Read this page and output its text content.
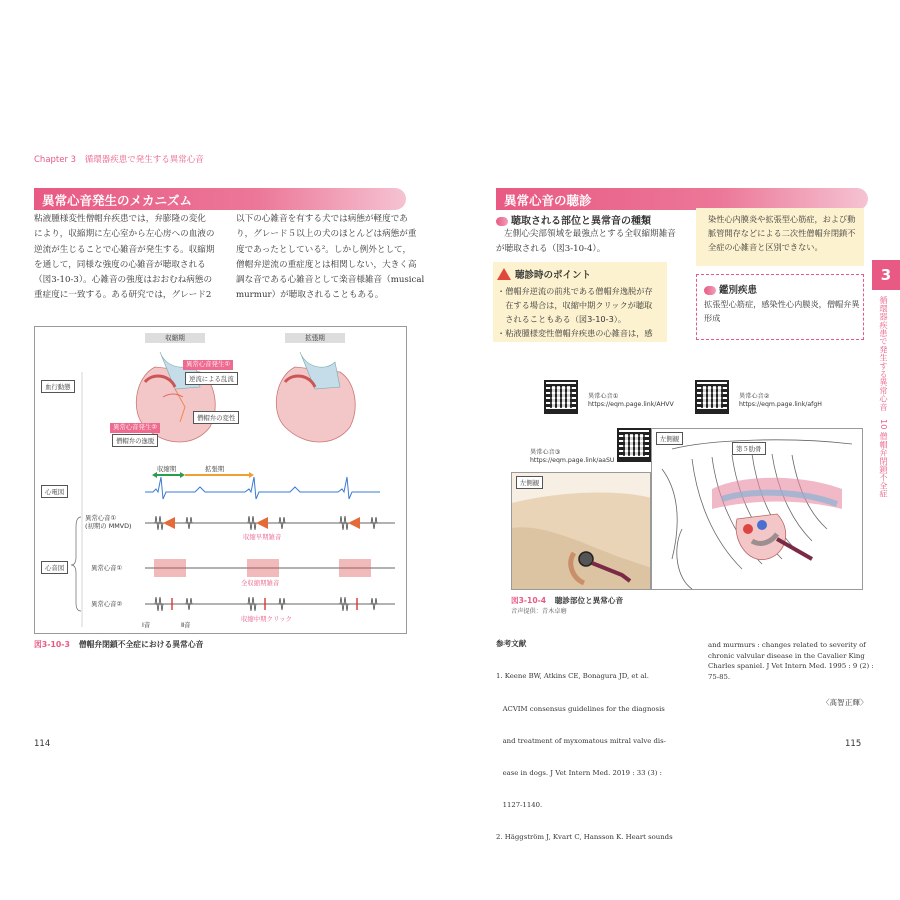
Chapter 3 循環器疾患で発生する異常心音
異常心音発生のメカニズム
粘液腫様変性僧帽弁疾患では，弁膨隆の変化
により，収縮期に左心室から左心房への血液の
逆流が生じることで心雑音が発生する。収縮期
を通して，同様な強度の心雑音が聴取される
（図3-10-3）。心雑音の強度はおおむね病態の
重症度に一致する。ある研究では，グレード2
以下の心雑音を有する犬では病態が軽度であ
り，グレード５以上の犬のほとんどは病態が重
度であったとしている²。しかし例外として，
僧帽弁逆流の重症度とは相関しない，大きく高
調な音である心雑音として楽音様雑音（musical
murmur）が聴取されることもある。
収縮期	拡張期
血行動態
異常心音発生①
逆流による乱流
僧帽弁の変性
異常心音発生②
僧帽弁の逸脱
心電図
収縮期	拡張期
心音図
異常心音①
(初期の MMVD)
収縮早期雑音
異常心音①
全収縮期雑音
異常心音②
収縮中期クリック
Ⅰ音	Ⅱ音
図3-10-3 僧帽弁閉鎖不全症における異常心音
114
異常心音の聴診
聴取される部位と異常音の種類
左側心尖部領域を最強点とする全収縮期雑音
が聴取される（図3-10-4）。
聴診時のポイント
・僧帽弁逆流の前兆である僧帽弁逸脱が存
　在する場合は，収縮中期クリックが聴取
　されることもある（図3-10-3）。
・粘液腫様変性僧帽弁疾患の心雑音は，感
染性心内膜炎や拡張型心筋症，および動
脈管開存などによる二次性僧帽弁閉鎖不
全症の心雑音と区別できない。
鑑別疾患
拡張型心筋症，感染性心内膜炎，僧帽弁異
形成
異常心音①
https://eqm.page.link/AHVV
異常心音②
https://eqm.page.link/afgH
異常心音③
https://eqm.page.link/aaSU
左側観
左側観
第５肋骨
図3-10-4 聴診部位と異常心音
音声提供：青木卓磨
参考文献

1. Keene BW, Atkins CE, Bonagura JD, et al.

ACVIM consensus guidelines for the diagnosis

and treatment of myxomatous mitral valve dis-

ease in dogs. J Vet Intern Med. 2019 : 33 (3) :

1127-1140.

2. Häggström J, Kvart C, Hansson K. Heart sounds

and murmurs : changes related to severity of
chronic valvular disease in the Cavalier King
Charles spaniel. J Vet Intern Med. 1995 : 9 (2) :
75-85.
〈髙智正輝〉
115
3
循環器疾患で発生する異常心音　10 僧帽弁閉鎖不全症
